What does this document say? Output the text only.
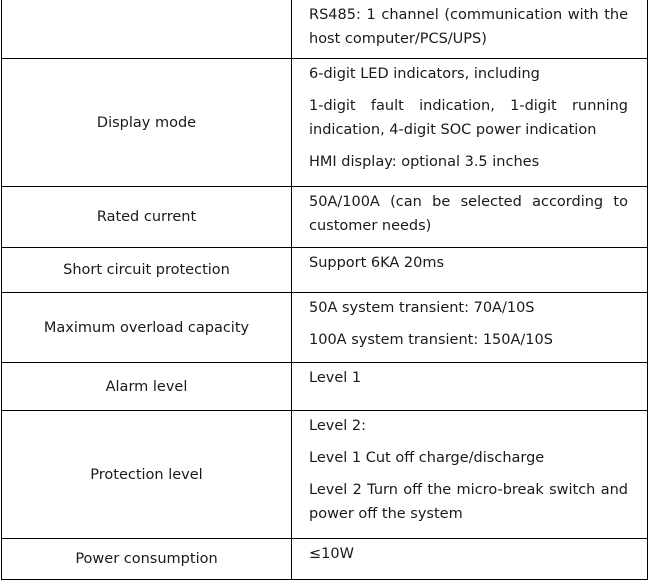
	RS485: 1 channel (communication with the host computer/PCS/UPS)

Display mode	6-digit LED indicators, including
1-digit fault indication, 1-digit running indication, 4-digit SOC power indication
HMI display: optional 3.5 inches

Rated current	50A/100A (can be selected according to customer needs)

Short circuit protection	Support 6KA 20ms

Maximum overload capacity	50A system transient: 70A/10S
100A system transient: 150A/10S

Alarm level	Level 1

Protection level	Level 2:
Level 1 Cut off charge/discharge
Level 2 Turn off the micro-break switch and power off the system

Power consumption	≤10W
